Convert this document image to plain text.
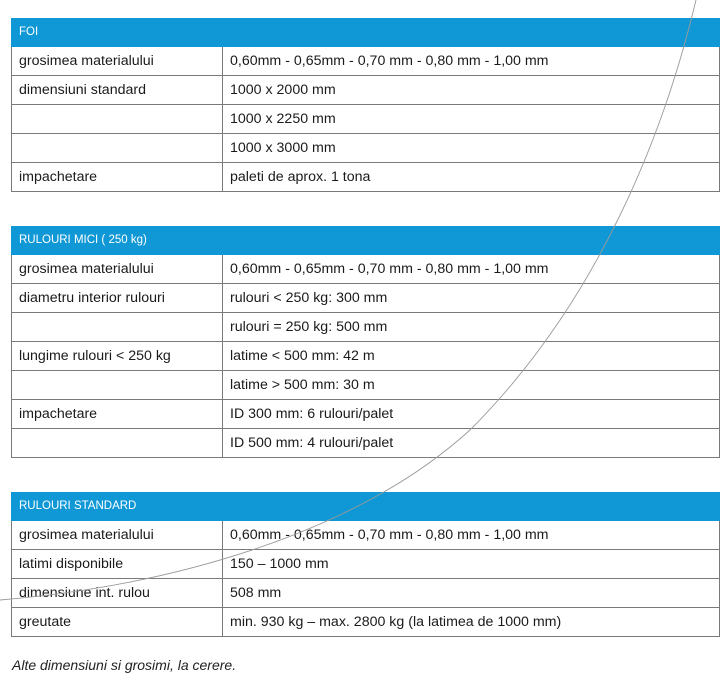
FOI	
grosimea materialului	0,60mm - 0,65mm - 0,70 mm - 0,80 mm - 1,00 mm
dimensiuni standard	1000 x 2000 mm
	1000 x 2250 mm
	1000 x 3000 mm
impachetare	paleti de aprox. 1 tona
RULOURI MICI ( 250 kg)	
grosimea materialului	0,60mm - 0,65mm - 0,70 mm - 0,80 mm - 1,00 mm
diametru interior rulouri	rulouri < 250 kg: 300 mm
	rulouri = 250 kg: 500 mm
lungime rulouri < 250 kg	latime < 500 mm: 42 m
	latime > 500 mm: 30 m
impachetare	ID 300 mm: 6 rulouri/palet
	ID 500 mm: 4 rulouri/palet
RULOURI STANDARD	
grosimea materialului	0,60mm - 0,65mm - 0,70 mm - 0,80 mm - 1,00 mm
latimi disponibile	150 – 1000 mm
dimensiune int. rulou	508 mm
greutate	min. 930 kg – max. 2800 kg (la latimea de 1000 mm)
Alte dimensiuni si grosimi, la cerere.
